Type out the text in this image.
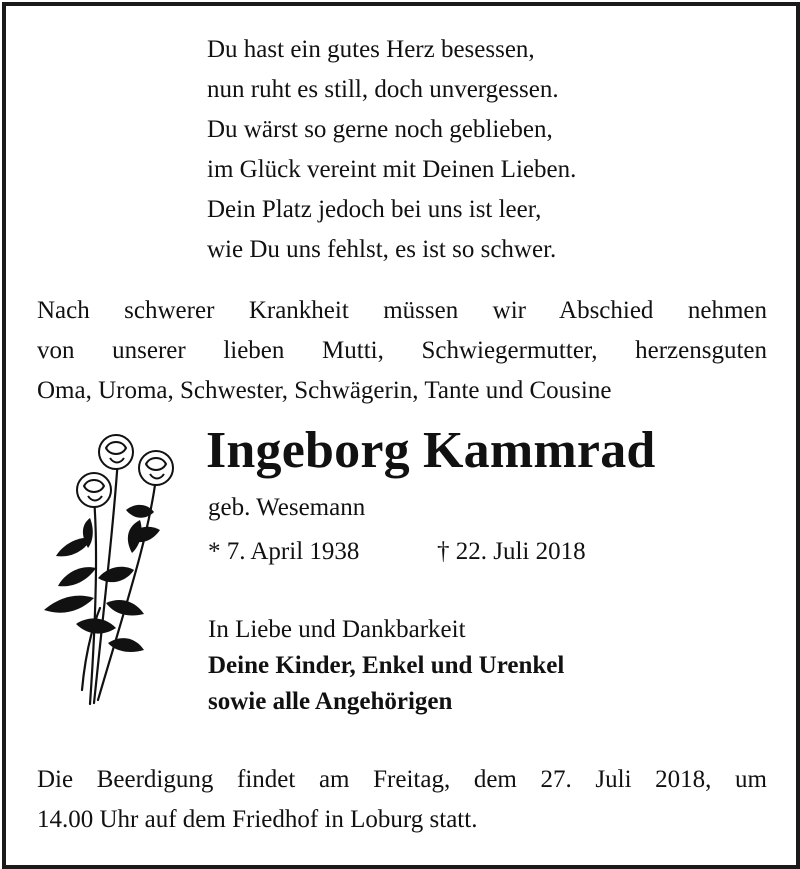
Du hast ein gutes Herz besessen,
nun ruht es still, doch unvergessen.
Du wärst so gerne noch geblieben,
im Glück vereint mit Deinen Lieben.
Dein Platz jedoch bei uns ist leer,
wie Du uns fehlst, es ist so schwer.
Nach schwerer Krankheit müssen wir Abschied nehmen
von unserer lieben Mutti, Schwiegermutter, herzensguten
Oma, Uroma, Schwester, Schwägerin, Tante und Cousine
Ingeborg Kammrad
geb. Wesemann
* 7. April 1938	† 22. Juli 2018
In Liebe und Dankbarkeit
Deine Kinder, Enkel und Urenkel
sowie alle Angehörigen
Die Beerdigung findet am Freitag, dem 27. Juli 2018, um
14.00 Uhr auf dem Friedhof in Loburg statt.
